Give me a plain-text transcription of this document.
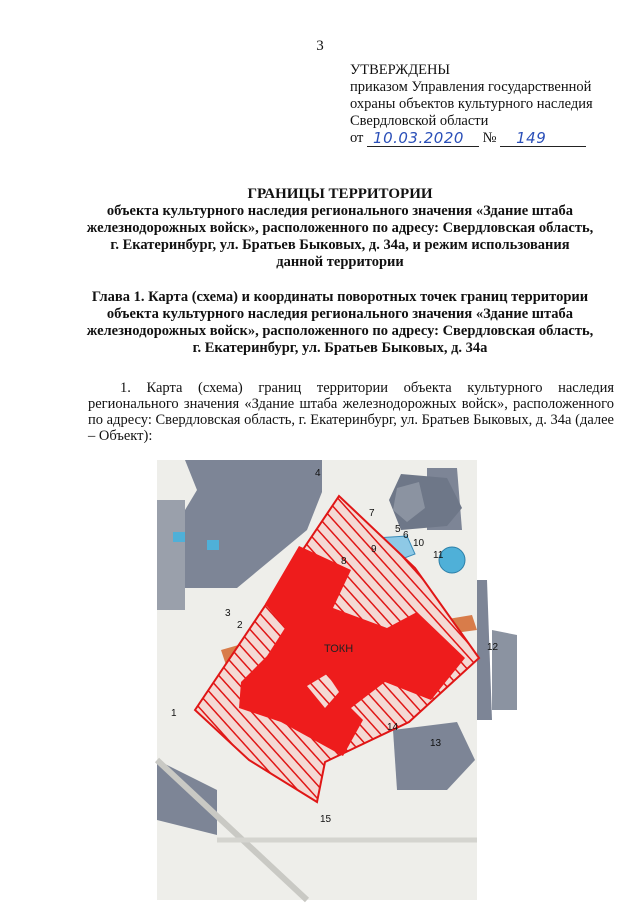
3
УТВЕРЖДЕНЫ
приказом Управления государственной
охраны объектов культурного наследия
Свердловской области
от 10.03.2020 № 149
ГРАНИЦЫ ТЕРРИТОРИИ
объекта культурного наследия регионального значения «Здание штаба
железнодорожных войск», расположенного по адресу: Свердловская область,
г. Екатеринбург, ул. Братьев Быковых, д. 34а, и режим использования
данной территории
Глава 1. Карта (схема) и координаты поворотных точек границ территории
объекта культурного наследия регионального значения «Здание штаба
железнодорожных войск», расположенного по адресу: Свердловская область,
г. Екатеринбург, ул. Братьев Быковых, д. 34а
1. Карта (схема) границ территории объекта культурного наследия регионального значения «Здание штаба железнодорожных войск», расположенного по адресу: Свердловская область, г. Екатеринбург, ул. Братьев Быковых, д. 34а (далее – Объект):
ТОКН
1
2
3
4
5
6
7
8
9
10
11
12
13
14
15
